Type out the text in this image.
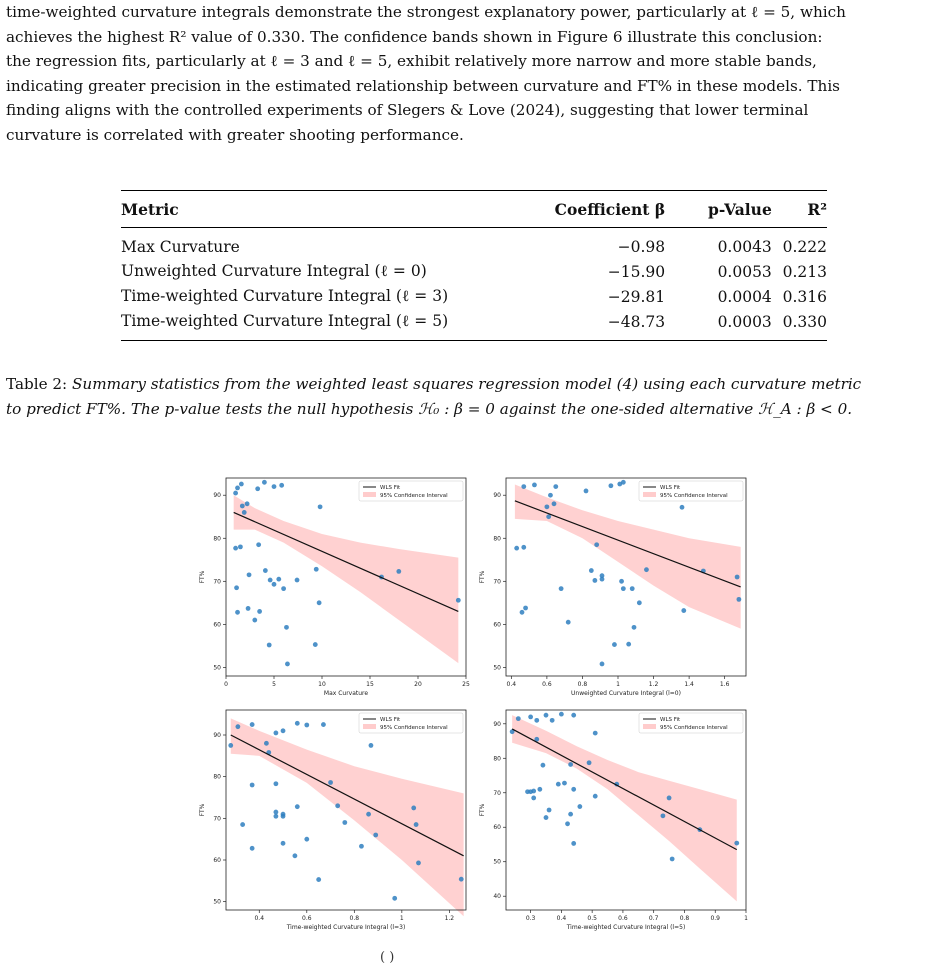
time-weighted curvature integrals demonstrate the strongest explanatory power, particularly at ℓ = 5, which

achieves the highest R² value of 0.330. The confidence bands shown in Figure 6 illustrate this conclusion:

the regression fits, particularly at ℓ = 3 and ℓ = 5, exhibit relatively more narrow and more stable bands,

indicating greater precision in the estimated relationship between curvature and FT% in these models. This

finding aligns with the controlled experiments of Slegers & Love (2024), suggesting that lower terminal

curvature is correlated with greater shooting performance.

Metric	Coefficient β	p-Value	R²
Max Curvature	−0.98	0.0043	0.222
Unweighted Curvature Integral (ℓ = 0)	−15.90	0.0053	0.213
Time-weighted Curvature Integral (ℓ = 3)	−29.81	0.0004	0.316
Time-weighted Curvature Integral (ℓ = 5)	−48.73	0.0003	0.330
Table 2: Summary statistics from the weighted least squares regression model (4) using each curvature metric
to predict FT%. The p-value tests the null hypothesis ℋ₀ : β = 0 against the one-sided alternative ℋ_A : β < 0.
0	5	10	15	20	25
50
60
70
80
90
Max Curvature
FT%
WLS Fit
95% Confidence Interval
0.4	0.6	0.8	1	1.2	1.4	1.6
50
60
70
80
90
Unweighted Curvature Integral (l=0)
FT%
WLS Fit
95% Confidence Interval
0.4	0.6	0.8	1	1.2
50
60
70
80
90
Time-weighted Curvature Integral (l=3)
FT%
WLS Fit
95% Confidence Interval
0.3	0.4	0.5	0.6	0.7	0.8	0.9	1
40
50
60
70
80
90
Time-weighted Curvature Integral (l=5)
FT%
WLS Fit
95% Confidence Interval
( )
